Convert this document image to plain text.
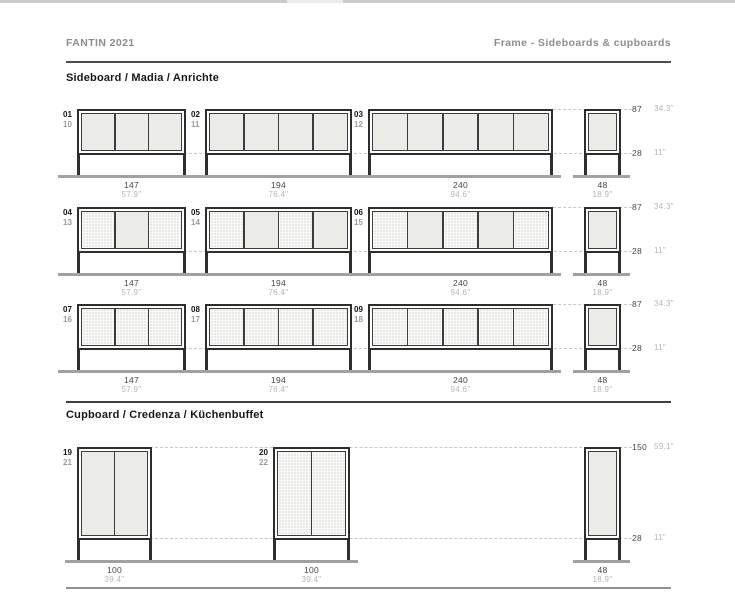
FANTIN 2021	Frame - Sideboards & cupboards
Sideboard / Madia / Anrichte
01
10
147
57.9"
02
11
194
76.4"
03
12
240
94.6"
48
18.9"
87 34.3"
28 11"
04
13
147
57.9"
05
14
194
76.4"
06
15
240
94.6"
48
18.9"
87 34.3"
28 11"
07
16
147
57.9"
08
17
194
76.4"
09
18
240
94.6"
48
18.9"
87 34.3"
28 11"
19
21
100
39.4"
20
22
100
39.4"
48
18.9"
150 59.1"
28 11"
Cupboard / Credenza / Küchenbuffet
